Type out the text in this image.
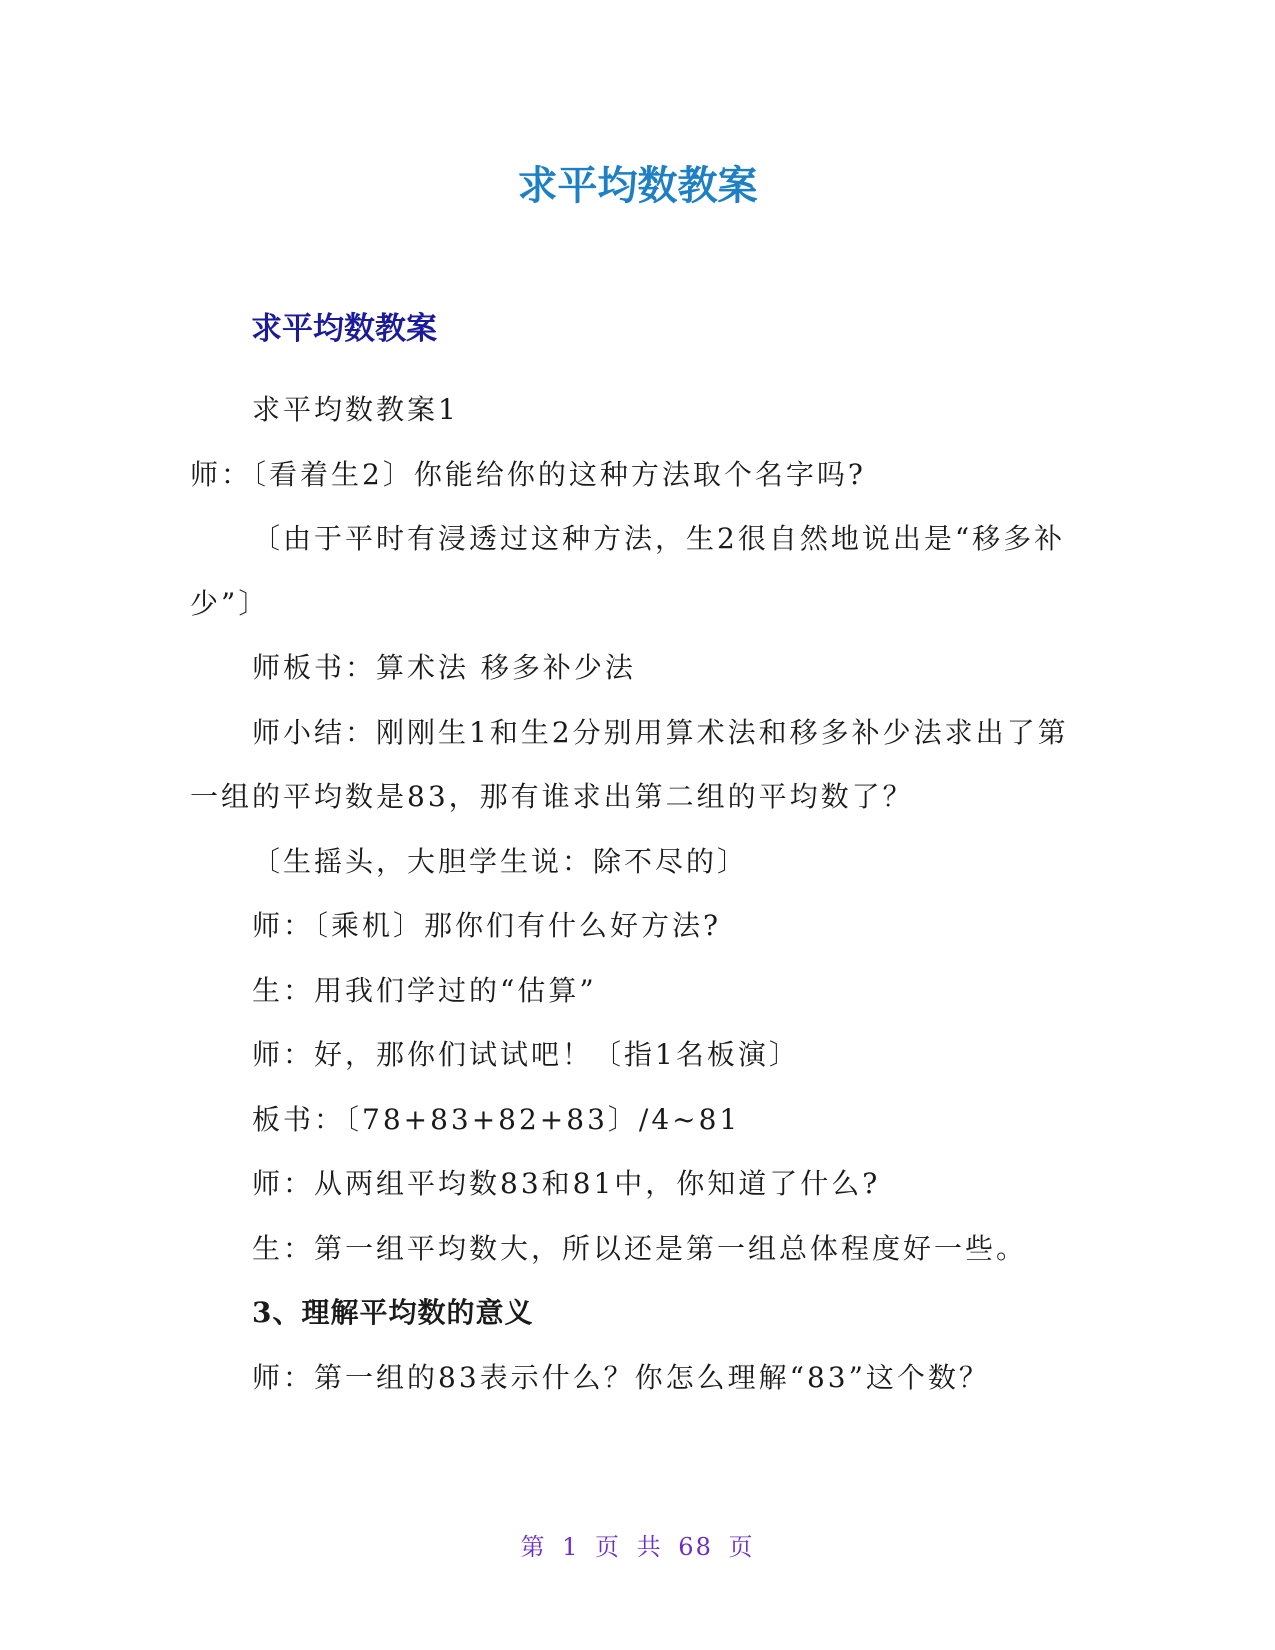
求平均数教案
求平均数教案

求平均数教案1

师：〔看着生2〕你能给你的这种方法取个名字吗?

〔由于平时有浸透过这种方法，生2很自然地说出是“移多补少”〕

师板书：算术法 移多补少法

师小结：刚刚生1和生2分别用算术法和移多补少法求出了第一组的平均数是83，那有谁求出第二组的平均数了？

〔生摇头，大胆学生说：除不尽的〕

师：〔乘机〕那你们有什么好方法?

生：用我们学过的“估算”

师：好，那你们试试吧！〔指1名板演〕

板书：〔78+83+82+83〕/4~81

师：从两组平均数83和81中，你知道了什么?

生：第一组平均数大，所以还是第一组总体程度好一些。

3、理解平均数的意义

师：第一组的83表示什么？你怎么理解“83”这个数？

第 1 页 共 68 页
